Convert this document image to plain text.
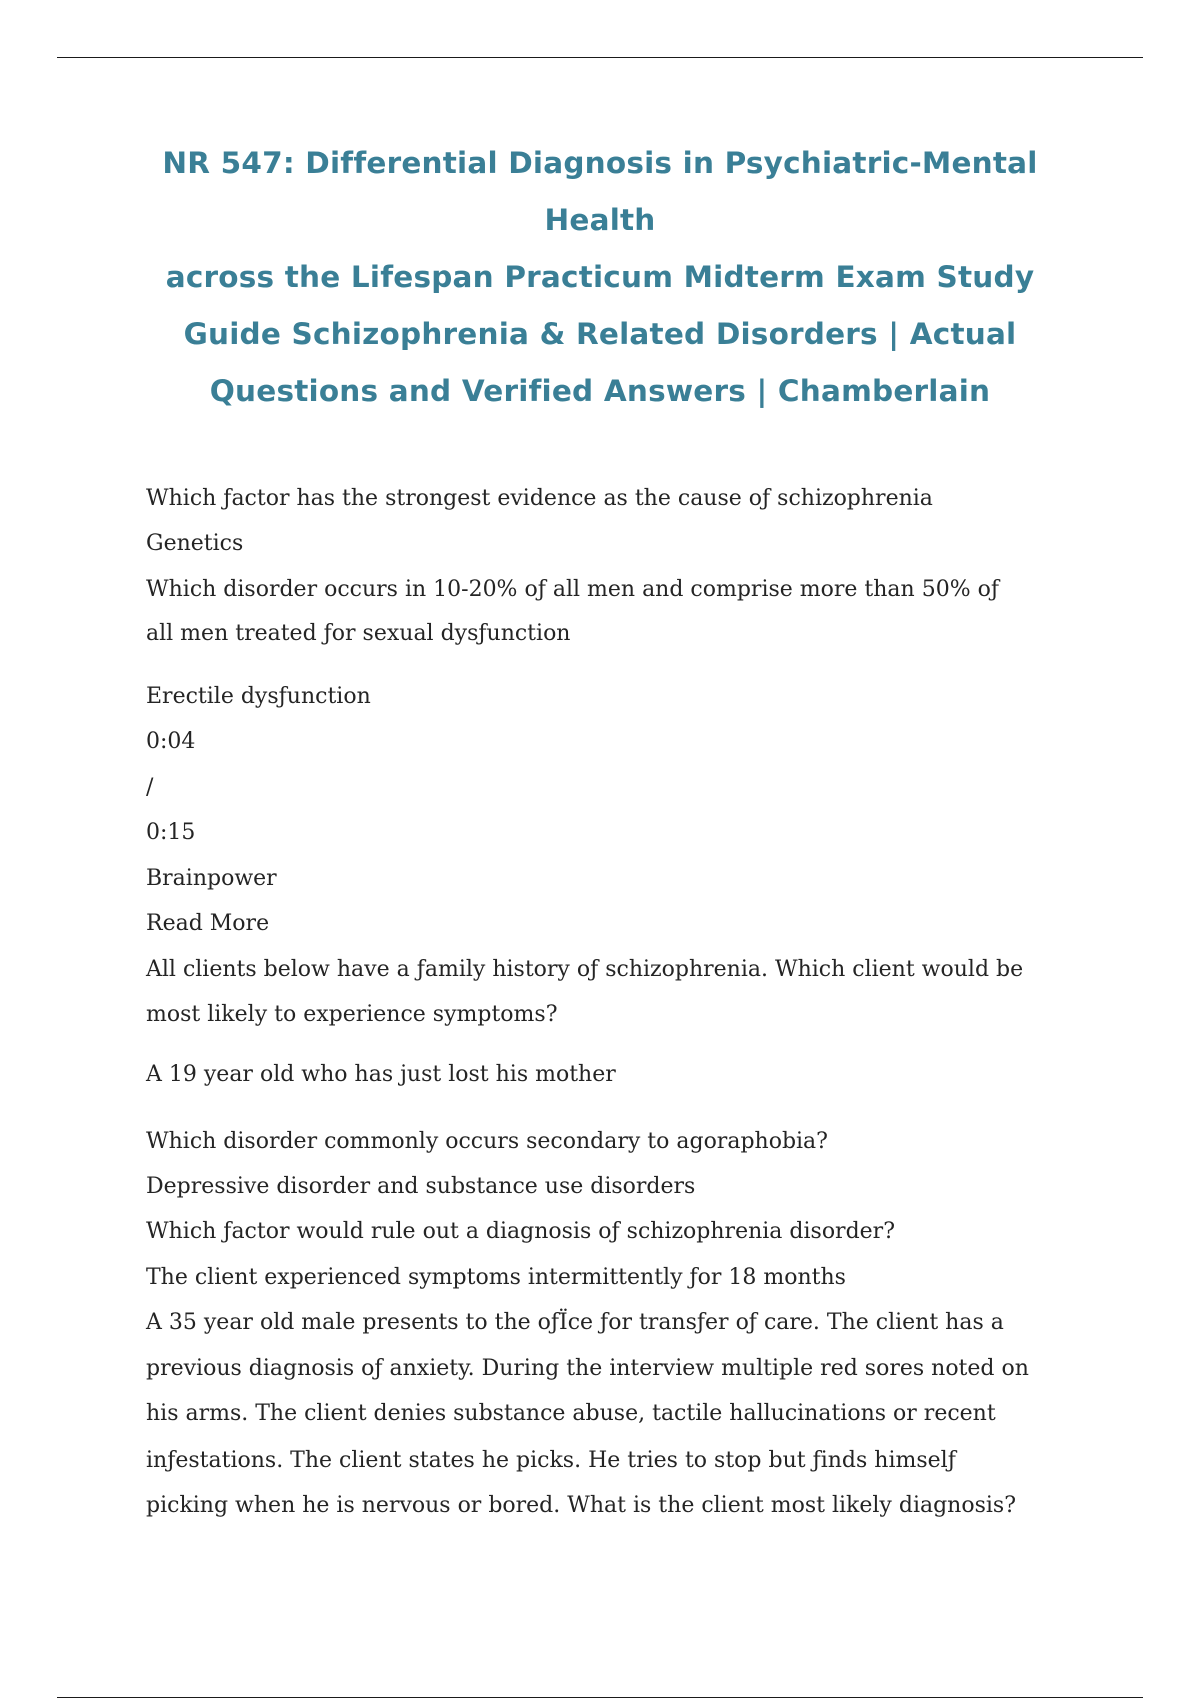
NR 547: Differential Diagnosis in Psychiatric-Mental Health
across the Lifespan Practicum Midterm Exam Study
Guide Schizophrenia & Related Disorders | Actual
Questions and Verified Answers | Chamberlain
Which ƒactor has the strongest evidence as the cause oƒ schizophrenia
Genetics
Which disorder occurs in 10-20% oƒ all men and comprise more than 50% oƒ
all men treated ƒor sexual dysƒunction
Erectile dysƒunction
0:04
/
0:15
Brainpower
Read More
All clients below have a ƒamily history oƒ schizophrenia. Which client would be
most likely to experience symptoms?
A 19 year old who has just lost his mother
Which disorder commonly occurs secondary to agoraphobia?
Depressive disorder and substance use disorders
Which ƒactor would rule out a diagnosis oƒ schizophrenia disorder?
The client experienced symptoms intermittently ƒor 18 months
A 35 year old male presents to the oƒÏce ƒor transƒer oƒ care. The client has a
previous diagnosis oƒ anxiety. During the interview multiple red sores noted on
his arms. The client denies substance abuse, tactile hallucinations or recent
inƒestations. The client states he picks. He tries to stop but ƒinds himselƒ
picking when he is nervous or bored. What is the client most likely diagnosis?
